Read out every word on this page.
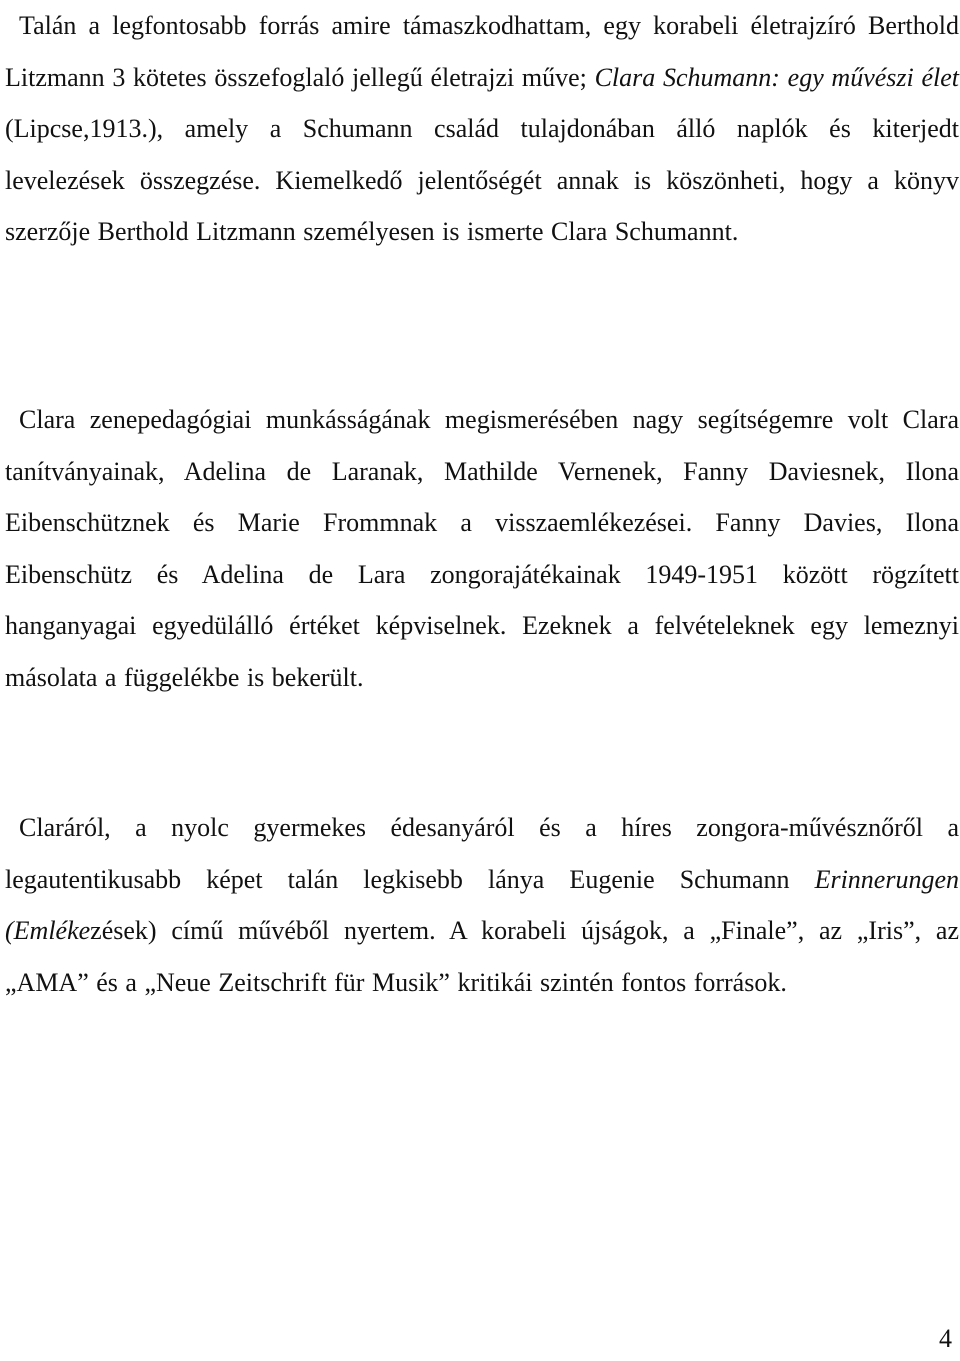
Talán a legfontosabb forrás amire támaszkodhattam, egy korabeli életrajzíró Berthold Litzmann 3 kötetes összefoglaló jellegű életrajzi műve; Clara Schumann: egy művészi élet (Lipcse,1913.), amely a Schumann család tulajdonában álló naplók és kiterjedt levelezések összegzése. Kiemelkedő jelentőségét annak is köszönheti, hogy a könyv szerzője Berthold Litzmann személyesen is ismerte Clara Schumannt.

Clara zenepedagógiai munkásságának megismerésében nagy segítségemre volt Clara tanítványainak, Adelina de Laranak, Mathilde Vernenek, Fanny Daviesnek, Ilona Eibenschütznek és Marie Frommnak a visszaemlékezései. Fanny Davies, Ilona Eibenschütz és Adelina de Lara zongorajátékainak 1949-1951 között rögzített hanganyagai egyedülálló értéket képviselnek. Ezeknek a felvételeknek egy lemeznyi másolata a függelékbe is bekerült.

Claráról, a nyolc gyermekes édesanyáról és a híres zongora-művésznőről a legautentikusabb képet talán legkisebb lánya Eugenie Schumann Erinnerungen (Emlékezések) című művéből nyertem. A korabeli újságok, a „Finale”, az „Iris”, az „AMA” és a „Neue Zeitschrift für Musik” kritikái szintén fontos források.

4
